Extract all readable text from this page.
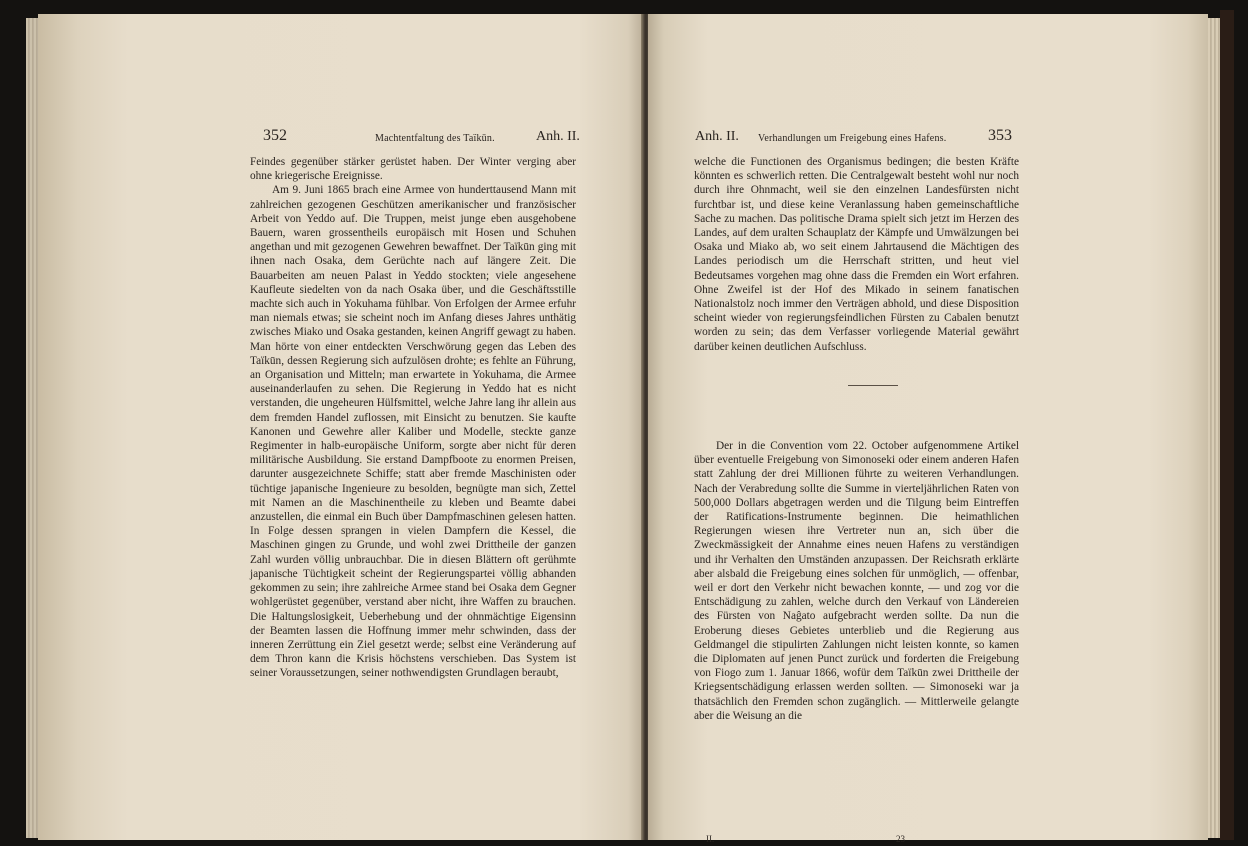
352	Machtentfaltung des Taïkūn.	Anh. II.

Feindes gegenüber stärker gerüstet haben. Der Winter verging aber ohne kriegerische Ereignisse.

Am 9. Juni 1865 brach eine Armee von hunderttausend Mann mit zahlreichen gezogenen Geschützen amerikanischer und französischer Arbeit von Yeddo auf. Die Truppen, meist junge eben ausgehobene Bauern, waren grossentheils europäisch mit Hosen und Schuhen angethan und mit gezogenen Gewehren bewaffnet. Der Taïkūn ging mit ihnen nach Osaka, dem Gerüchte nach auf längere Zeit. Die Bauarbeiten am neuen Palast in Yeddo stockten; viele angesehene Kaufleute siedelten von da nach Osaka über, und die Geschäftsstille machte sich auch in Yokuhama fühlbar. Von Erfolgen der Armee erfuhr man niemals etwas; sie scheint noch im Anfang dieses Jahres unthätig zwisches Miako und Osaka gestanden, keinen Angriff gewagt zu haben. Man hörte von einer entdeckten Verschwörung gegen das Leben des Taïkūn, dessen Regierung sich aufzulösen drohte; es fehlte an Führung, an Organisation und Mitteln; man erwartete in Yokuhama, die Armee auseinanderlaufen zu sehen. Die Regierung in Yeddo hat es nicht verstanden, die ungeheuren Hülfsmittel, welche Jahre lang ihr allein aus dem fremden Handel zuflossen, mit Einsicht zu benutzen. Sie kaufte Kanonen und Gewehre aller Kaliber und Modelle, steckte ganze Regimenter in halb-europäische Uniform, sorgte aber nicht für deren militärische Ausbildung. Sie erstand Dampfboote zu enormen Preisen, darunter ausgezeichnete Schiffe; statt aber fremde Maschinisten oder tüchtige japanische Ingenieure zu besolden, begnügte man sich, Zettel mit Namen an die Maschinentheile zu kleben und Beamte dabei anzustellen, die einmal ein Buch über Dampfmaschinen gelesen hatten. In Folge dessen sprangen in vielen Dampfern die Kessel, die Maschinen gingen zu Grunde, und wohl zwei Drittheile der ganzen Zahl wurden völlig unbrauchbar. Die in diesen Blättern oft gerühmte japanische Tüchtigkeit scheint der Regierungspartei völlig abhanden gekommen zu sein; ihre zahlreiche Armee stand bei Osaka dem Gegner wohlgerüstet gegenüber, verstand aber nicht, ihre Waffen zu brauchen. Die Haltungslosigkeit, Ueberhebung und der ohnmächtige Eigensinn der Beamten lassen die Hoffnung immer mehr schwinden, dass der inneren Zerrüttung ein Ziel gesetzt werde; selbst eine Veränderung auf dem Thron kann die Krisis höchstens verschieben. Das System ist seiner Voraussetzungen, seiner nothwendigsten Grundlagen beraubt,

Anh. II. Verhandlungen um Freigebung eines Hafens.	353

welche die Functionen des Organismus bedingen; die besten Kräfte könnten es schwerlich retten. Die Centralgewalt besteht wohl nur noch durch ihre Ohnmacht, weil sie den einzelnen Landesfürsten nicht furchtbar ist, und diese keine Veranlassung haben gemeinschaftliche Sache zu machen. Das politische Drama spielt sich jetzt im Herzen des Landes, auf dem uralten Schauplatz der Kämpfe und Umwälzungen bei Osaka und Miako ab, wo seit einem Jahrtausend die Mächtigen des Landes periodisch um die Herrschaft stritten, und heut viel Bedeutsames vorgehen mag ohne dass die Fremden ein Wort erfahren. Ohne Zweifel ist der Hof des Mikado in seinem fanatischen Nationalstolz noch immer den Verträgen abhold, und diese Disposition scheint wieder von regierungsfeindlichen Fürsten zu Cabalen benutzt worden zu sein; das dem Verfasser vorliegende Material gewährt darüber keinen deutlichen Aufschluss.

Der in die Convention vom 22. October aufgenommene Artikel über eventuelle Freigebung von Simonoseki oder einem anderen Hafen statt Zahlung der drei Millionen führte zu weiteren Verhandlungen. Nach der Verabredung sollte die Summe in vierteljährlichen Raten von 500,000 Dollars abgetragen werden und die Tilgung beim Eintreffen der Ratifications-Instrumente beginnen. Die heimathlichen Regierungen wiesen ihre Vertreter nun an, sich über die Zweckmässigkeit der Annahme eines neuen Hafens zu verständigen und ihr Verhalten den Umständen anzupassen. Der Reichsrath erklärte aber alsbald die Freigebung eines solchen für unmöglich, — offenbar, weil er dort den Verkehr nicht bewachen konnte, — und zog vor die Entschädigung zu zahlen, welche durch den Verkauf von Ländereien des Fürsten von Naĝato aufgebracht werden sollte. Da nun die Eroberung dieses Gebietes unterblieb und die Regierung aus Geldmangel die stipulirten Zahlungen nicht leisten konnte, so kamen die Diplomaten auf jenen Punct zurück und forderten die Freigebung von Fiogo zum 1. Januar 1866, wofür dem Taïkūn zwei Drittheile der Kriegsentschädigung erlassen werden sollten. — Simonoseki war ja thatsächlich den Fremden schon zugänglich. — Mittlerweile gelangte aber die Weisung an die

II.	23
